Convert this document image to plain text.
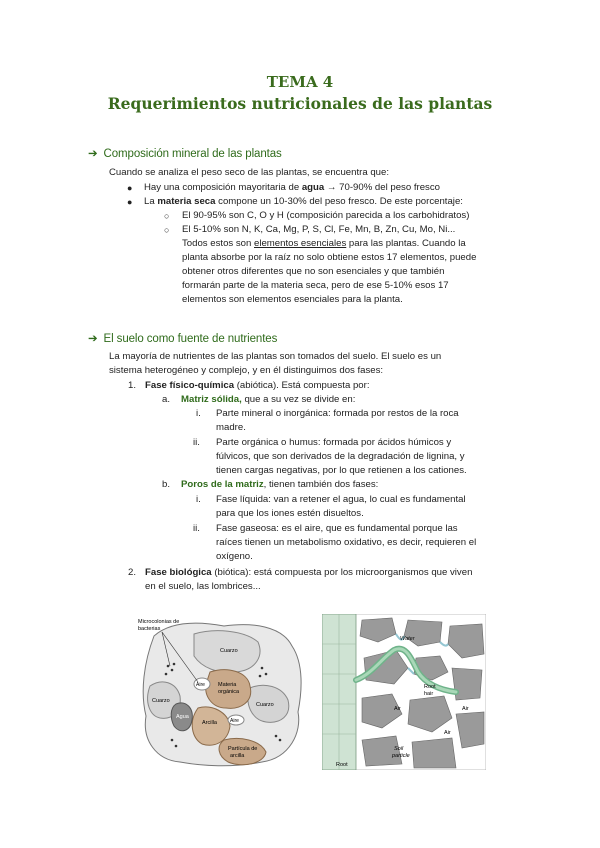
TEMA 4
Requerimientos nutricionales de las plantas
➔ Composición mineral de las plantas
Cuando se analiza el peso seco de las plantas, se encuentra que:
● Hay una composición mayoritaria de agua → 70-90% del peso fresco
● La materia seca compone un 10-30% del peso fresco. De este porcentaje:
○ El 90-95% son C, O y H (composición parecida a los carbohidratos)
○ El 5-10% son N, K, Ca, Mg, P, S, Cl, Fe, Mn, B, Zn, Cu, Mo, Ni...
Todos estos son elementos esenciales para las plantas. Cuando la
planta absorbe por la raíz no solo obtiene estos 17 elementos, puede
obtener otros diferentes que no son esenciales y que también
formarán parte de la materia seca, pero de ese 5-10% esos 17
elementos son elementos esenciales para la planta.
➔ El suelo como fuente de nutrientes
La mayoría de nutrientes de las plantas son tomados del suelo. El suelo es un
sistema heterogéneo y complejo, y en él distinguimos dos fases:
1. Fase físico-química (abiótica). Está compuesta por:
a. Matriz sólida, que a su vez se divide en:
i. Parte mineral o inorgánica: formada por restos de la roca
madre.
ii. Parte orgánica o humus: formada por ácidos húmicos y
fúlvicos, que son derivados de la degradación de lignina, y
tienen cargas negativas, por lo que retienen a los cationes.
b. Poros de la matriz, tienen también dos fases:
i. Fase líquida: van a retener el agua, lo cual es fundamental
para que los iones estén disueltos.
ii. Fase gaseosa: es el aire, que es fundamental porque las
raíces tienen un metabolismo oxidativo, es decir, requieren el
oxígeno.
2. Fase biológica (biótica): está compuesta por los microorganismos que viven
en el suelo, las lombrices...
Microcolonias de
bacterias
Cuarzo
Aire Materia
orgánica
Cuarzo
Agua
Arcilla	Aire
Cuarzo
Partícula de
arcilla
Water
Root
hair
Air	Air
Air
Soil
particle
Root
